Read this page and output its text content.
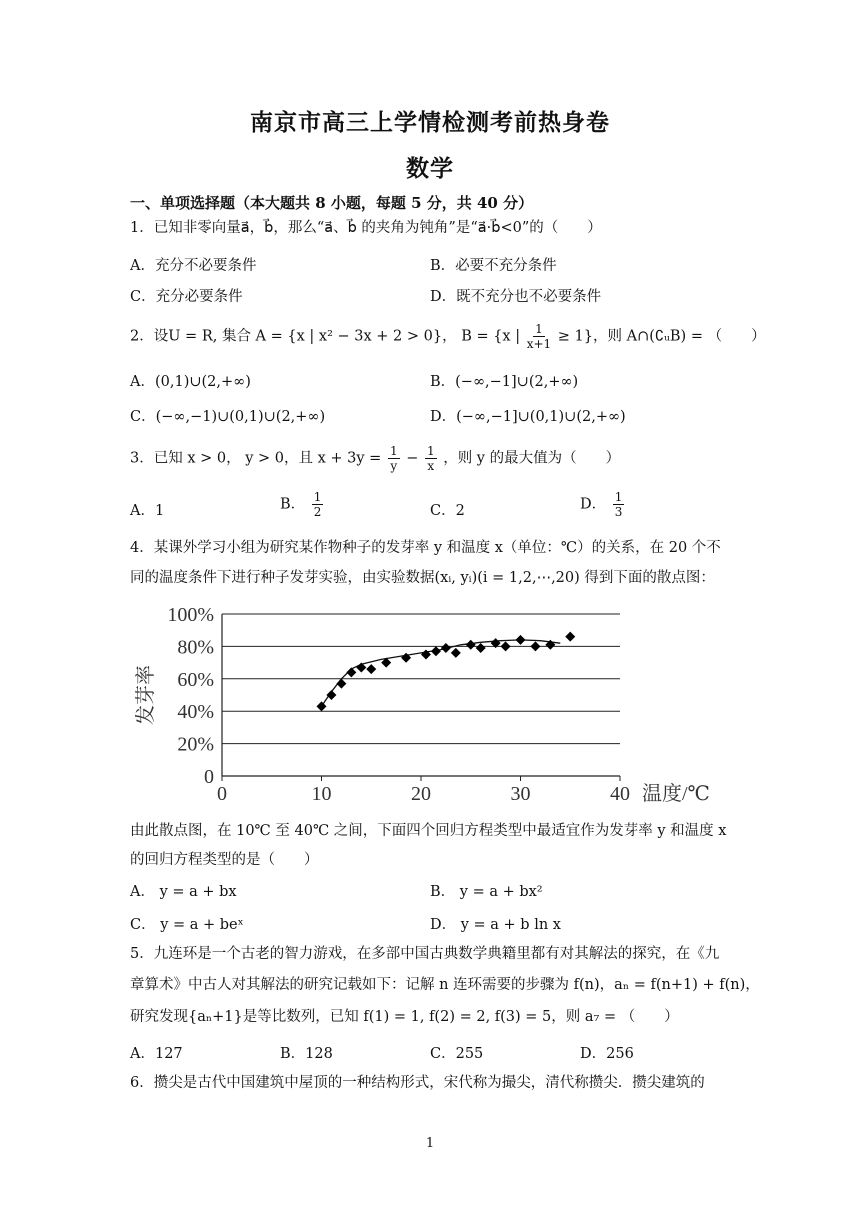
南京市高三上学情检测考前热身卷
数学
一、单项选择题（本大题共 8 小题，每题 5 分，共 40 分）
1．已知非零向量a⃗，b⃗，那么“a⃗、b⃗ 的夹角为钝角”是“a⃗·b⃗<0”的（　　）
A．充分不必要条件	B．必要不充分条件
C．充分必要条件	D．既不充分也不必要条件
2．设U = R, 集合 A = {x | x² − 3x + 2 > 0}， B = {x | $\frac{1}{x+1} \ge 1$}，则 A∩(∁ᵤB) = （　　）
A．(0,1)∪(2,+∞)	B．(−∞,−1]∪(2,+∞)
C．(−∞,−1)∪(0,1)∪(2,+∞)	D．(−∞,−1]∪(0,1)∪(2,+∞)
3．已知 x > 0， y > 0，且 $x + 3y = \frac{1}{y} - \frac{1}{x}$ ，则 y 的最大值为（　　）
A．1	B． $\frac{1}{2}$	C．2	D． $\frac{1}{3}$
4．某课外学习小组为研究某作物种子的发芽率 y 和温度 x（单位：℃）的关系，在 20 个不
同的温度条件下进行种子发芽实验，由实验数据(xᵢ, yᵢ)(i = 1,2,⋯,20) 得到下面的散点图：
0
20%
40%
60%
80%
100%
0	10	20	30	40
发芽率
温度/℃
由此散点图，在 10℃ 至 40℃ 之间，下面四个回归方程类型中最适宜作为发芽率 y 和温度 x
的回归方程类型的是（　　）
A． y = a + bx	B． y = a + bx²
C． y = a + beˣ	D． y = a + b ln x
5．九连环是一个古老的智力游戏，在多部中国古典数学典籍里都有对其解法的探究，在《九
章算术》中古人对其解法的研究记载如下：记解 n 连环需要的步骤为 f(n)，aₙ = f(n+1) + f(n)，
研究发现{aₙ+1}是等比数列，已知 f(1) = 1, f(2) = 2, f(3) = 5，则 a₇ = （　　）
A．127	B．128	C．255	D．256
6．攒尖是古代中国建筑中屋顶的一种结构形式，宋代称为撮尖，清代称攒尖．攒尖建筑的
1
